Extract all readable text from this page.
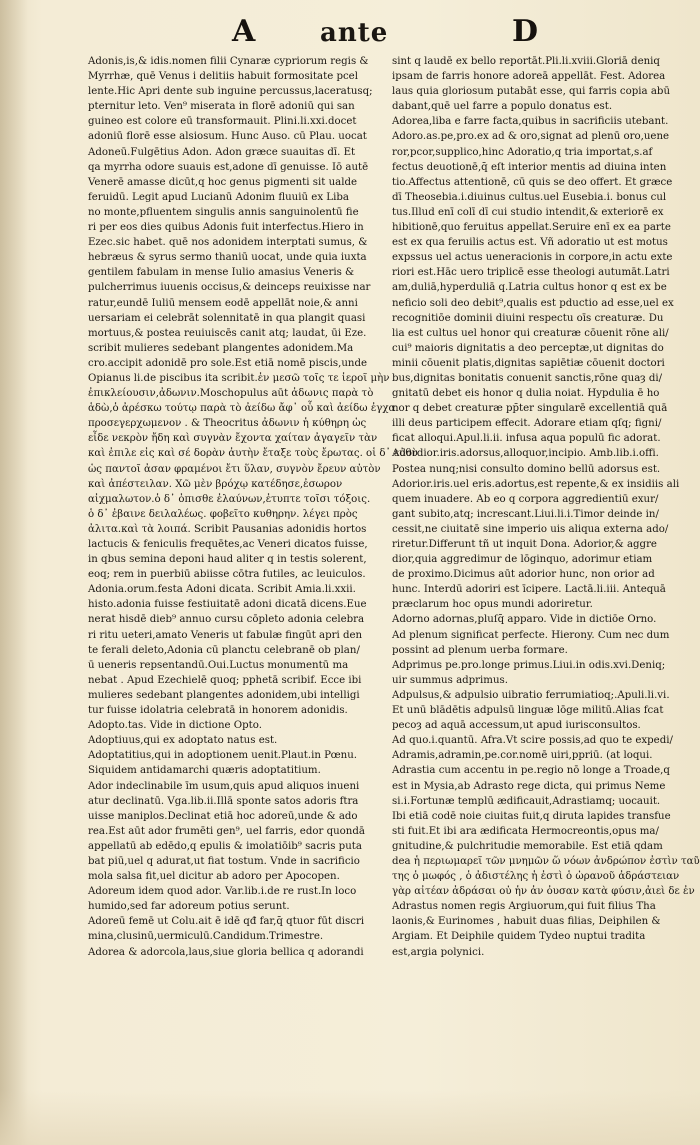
A ante	D
Adonis,is,& idis.nomen filii Cynaræ cypriorum regis &
Myrrhæ, quē Venus i delitiis habuit formositate pcel
lente.Hic Apri dente sub inguine percussus,laceratusq;
pternitur leto. Ven⁹ miserata in florē adoniū qui san
guineo est colore eū transformauit. Plini.li.xxi.docet
adoniū florē esse alsiosum. Hunc Auso. cū Plau. uocat
Adoneū.Fulgētius Adon. Adon græce suauitas dī. Et
qa myrrha odore suauis est,adone dī genuisse. Iō autē
Venerē amasse dicūt,q hoc genus pigmenti sit ualde
feruidū. Legit apud Lucianū Adonim fluuiū ex Liba
no monte,pfluentem singulis annis sanguinolentū fie
ri per eos dies quibus Adonis fuit interfectus.Hiero in
Ezec.sic habet. quē nos adonidem interptati sumus, &
hebræus & syrus sermo thaniū uocat, unde quia iuxta
gentilem fabulam in mense Iulio amasius Veneris &
pulcherrimus iuuenis occisus,& deinceps reuixisse nar
ratur,eundē Iuliū mensem eodē appellāt noie,& anni
uersariam ei celebrāt solennitatē in qua plangit quasi
mortuus,& postea reuiuiscēs canit atq; laudat, ūi Eze.
scribit mulieres sedebant plangentes adonidem.Ma
cro.accipit adonidē pro sole.Est etiā nomē piscis,unde
Opianus li.de piscibus ita scribit.ἐν μεσῶ τοῖς τε ἱεροῖ μὴν
ἐπικλείουσιν,ἀδωνιν.Moschopulus aūt ἀδωνις παρὰ τὸ
ἁδὼ,ὁ ἀρέσκω τούτῳ παρὰ τὸ ἀείδω ἄφ᾽ οὗ καὶ ἀείδω ἐγχα
προσεγερχωμενον . & Theocritus ἀδωνιν ἡ κύθηρη ὡς
εἶδε νεκρὸν ἤδη καὶ συγνὰν ἔχοντα χαίταν ἀγαγεῖν τὰν
καὶ ἐπιλε εἰς καὶ σέ δορὰν ἀυτὴν ἔταξε τοὺς ἔρωτας. οἱ δ᾽ εὐθὺ
ὡς παντοῖ ἀσαν φραμένοι ἔτι ὕλαν, συγνὸν ἔρευν αὐτὸν
καὶ ἀπέστειλαν. Χῶ μὲν βρόχῳ κατέδησε,ἐσωρον
αἰχμαλωτον.ὁ δ᾽ ὀπισθε ἐλαύνων,ἐτυπτε τοῖσι τόξοις.
ὁ δ᾽ ἐβαινε δειλαλέως. φοβεῖτο κυθηρην. λέγει πρὸς
ἀλιτα.καὶ τὰ λοιπά. Scribit Pausanias adonidis hortos
lactucis & feniculis frequētes,ac Veneri dicatos fuisse,
in qbus semina deponi haud aliter q in testis solerent,
eoq; rem in puerbiū abiisse cōtra futiles, ac leuiculos.
Adonia.orum.festa Adoni dicata. Scribit Amia.li.xxii.
histo.adonia fuisse festiuitatē adoni dicatā dicens.Eue
nerat hisdē dieb⁹ annuo cursu cōpleto adonia celebra
ri ritu ueteri,amato Veneris ut fabulæ fingūt apri den
te ferali deleto,Adonia cū planctu celebranē ob plan/
ū ueneris repsentandū.Oui.Luctus monumentū ma
nebat . Apud Ezechielē quoq; pphetā scribif. Ecce ibi
mulieres sedebant plangentes adonidem,ubi intelligi
tur fuisse idolatria celebratā in honorem adonidis.
Adopto.tas. Vide in dictione Opto.
Adoptiuus,qui ex adoptato natus est.
Adoptatitius,qui in adoptionem uenit.Plaut.in Pœnu.
Siquidem antidamarchi quæris adoptatitium.
Ador indeclinabile īm usum,quis apud aliquos inueni
atur declinatū. Vga.lib.ii.Illā sponte satos adoris ftra
uisse maniplos.Declinat etiā hoc adoreū,unde & ado
rea.Est aūt ador frumēti gen⁹, uel farris, edor quondā
appellatū ab edēdo,q epulis & imolatiōib⁹ sacris puta
bat piū,uel q adurat,ut fiat tostum. Vnde in sacrificio
mola salsa fit,uel dicitur ab adoro per Apocopen.
Adoreum idem quod ador. Var.lib.i.de re rust.In loco
humido,sed far adoreum potius serunt.
Adoreū femē ut Colu.ait ē idē qđ far,q̄ qtuor fūt discri
mina,clusinū,uermiculū.Candidum.Trimestre.
Adorea & adorcola,laus,siue gloria bellica q adorandi
sint q laudē ex bello reportāt.Pli.li.xviii.Gloriā deniq
ipsam de farris honore adoreā appellāt. Fest. Adorea
laus quia gloriosum putabāt esse, qui farris copia abū
dabant,quē uel farre a populo donatus est.
Adorea,liba e farre facta,quibus in sacrificiis utebant.
Adoro.as.pe,pro.ex ad & oro,signat ad plenū oro,uene
ror,pcor,supplico,hinc Adoratio,q tria importat,s.af
fectus deuotionē,q̄ eſt interior mentis ad diuina inten
tio.Affectus attentionē, cū quis se deo offert. Et græce
dī Theosebia.i.diuinus cultus.uel Eusebia.i. bonus cul
tus.Illud enī colī dī cui studio intendit,& exteriorē ex
hibitionē,quo feruitus appellat.Seruire enī ex ea parte
est ex qua feruilis actus est. Vñ adoratio ut est motus
expssus uel actus ueneracionis in corpore,in actu exte
riori est.Hāc uero triplicē esse theologi autumāt.Latri
am,duliā,hyperduliā q.Latria cultus honor q est ex be
neficio soli deo debit⁹,qualis est pductio ad esse,uel ex
recognitiōe dominii diuini respectu oīs creaturæ. Du
lia est cultus uel honor qui creaturæ cōuenit rōne ali/
cui⁹ maioris dignitatis a deo perceptæ,ut dignitas do
minii cōuenit platis,dignitas sapiētiæ cōuenit doctori
bus,dignitas bonitatis conuenit sanctis,rōne quaȝ di/
gnitatū debet eis honor q dulia noiat. Hypdulia ē ho
nor q debet creaturæ pp̄ter singularē excellentiā quā
illi deus participem effecit. Adorare etiam qſq; figni/
ficat alloqui.Apul.li.ii. infusa aqua populū fic adorat.
Adordior.iris.adorsus,alloquor,incipio. Amb.lib.i.offi.
Postea nunq;nisi consulto domino bellū adorsus est.
Adorior.iris.uel eris.adortus,est repente,& ex insidiis ali
quem inuadere. Ab eo q corpora aggredientiū exur/
gant subito,atq; increscant.Liui.li.i.Timor deinde in/
cessit,ne ciuitatē sine imperio uis aliqua externa ado/
riretur.Differunt tñ ut inquit Dona. Adorior,& aggre
dior,quia aggredimur de lōginquo, adorimur etiam
de proximo.Dicimus aūt adorior hunc, non orior ad
hunc. Interdū adoriri est īcipere. Lactā.li.iii. Antequā
præclarum hoc opus mundi adoriretur.
Adorno adornas,pluſq̄ apparo. Vide in dictiōe Orno.
Ad plenum significat perfecte. Hierony. Cum nec dum
possint ad plenum uerba formare.
Adprimus pe.pro.longe primus.Liui.in odis.xvi.Deniq;
uir summus adprimus.
Adpulsus,& adpulsio uibratio ferrumiatioq;.Apuli.li.vi.
Et unū blādētis adpulsū linguæ lōge militū.Alias fcat
pecoȝ ad aquā accessum,ut apud iurisconsultos.
Ad quo.i.quantū. Afra.Vt scire possis,ad quo te expedi/
Adramis,adramin,pe.cor.nomē uiri,ppriū. (at loqui.
Adrastia cum accentu in pe.regio nō longe a Troade,q
est in Mysia,ab Adrasto rege dicta, qui primus Neme
si.i.Fortunæ templū ædificauit,Adrastiamq; uocauit.
Ibi etiā codē noie ciuitas fuit,q diruta lapides transfue
sti fuit.Et ibi ara ædificata Hermocreontis,opus ma/
gnitudine,& pulchritudie memorabile. Est etiā qdam
dea ἡ περιωμαρεῖ τῶν μνημῶν ὥ νόων ἀνδρώπον ἐστὶν ταῦ
της ὁ μωφός , ὁ ἀδιστέλης ἡ ἐστὶ ὁ ὠρανοῦ ἀδράστειαν
γὰρ αἰτέαν ἀδράσαι οὐ ἡν ἀν ὀυσαν κατὰ φύσιν,ἀιεὶ δε ἐν
Adrastus nomen regis Argiuorum,qui fuit filius Tha
laonis,& Eurinomes , habuit duas filias, Deiphilen &
Argiam. Et Deiphile quidem Tydeo nuptui tradita
est,argia polynici.
